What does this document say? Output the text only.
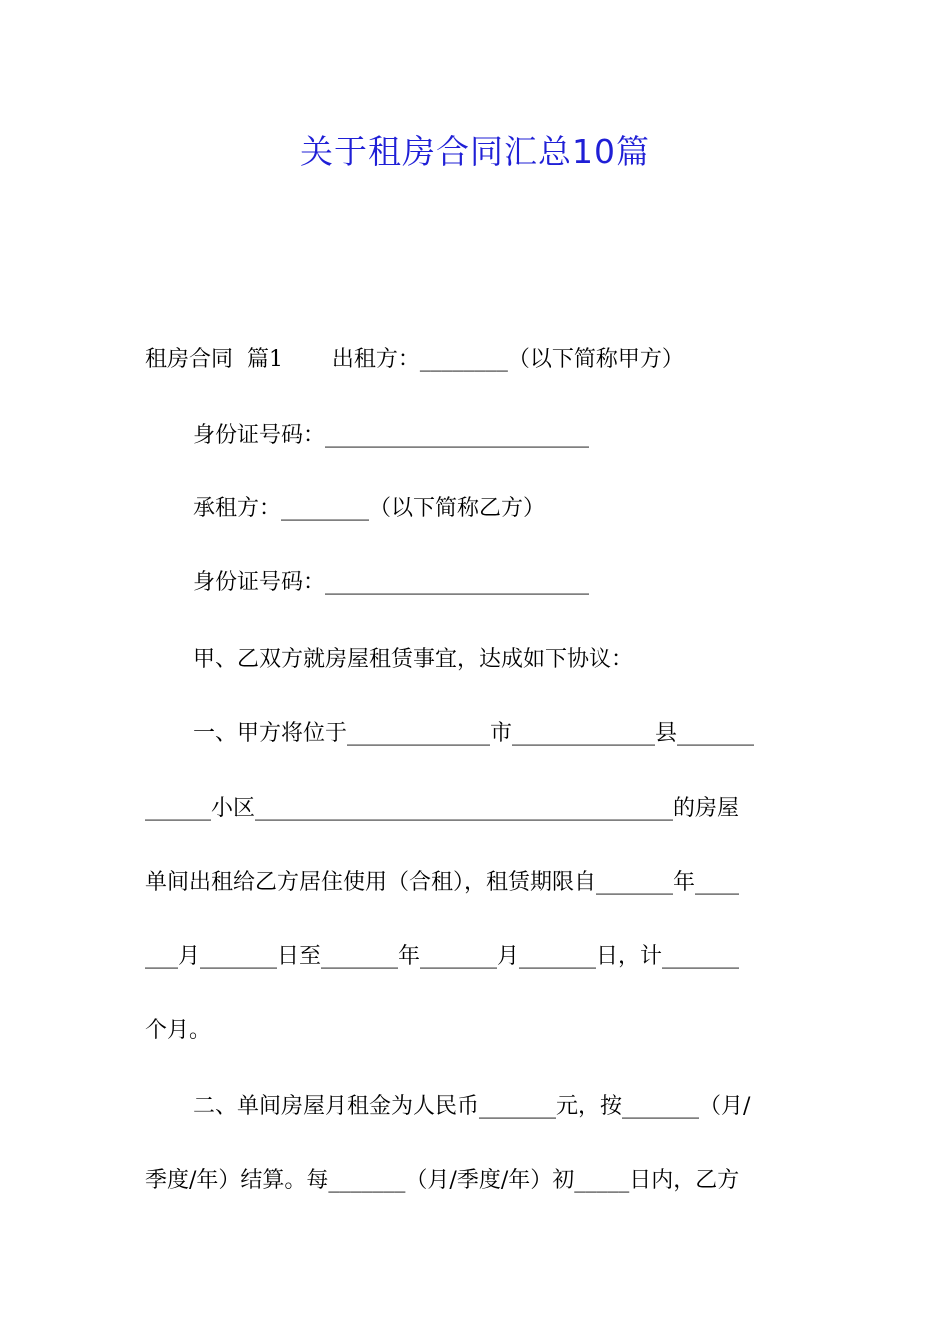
关于租房合同汇总10篇
租房合同  篇1       出租方：________（以下简称甲方）
身份证号码：________________________
承租方：________（以下简称乙方）
身份证号码：________________________
甲、乙双方就房屋租赁事宜，达成如下协议：
一、甲方将位于_____________市_____________县_______
______小区______________________________________的房屋
单间出租给乙方居住使用（合租），租赁期限自_______年____
___月_______日至_______年_______月_______日，计_______
个月。
二、单间房屋月租金为人民币_______元，按_______（月/
季度/年）结算。每_______（月/季度/年）初_____日内，乙方
